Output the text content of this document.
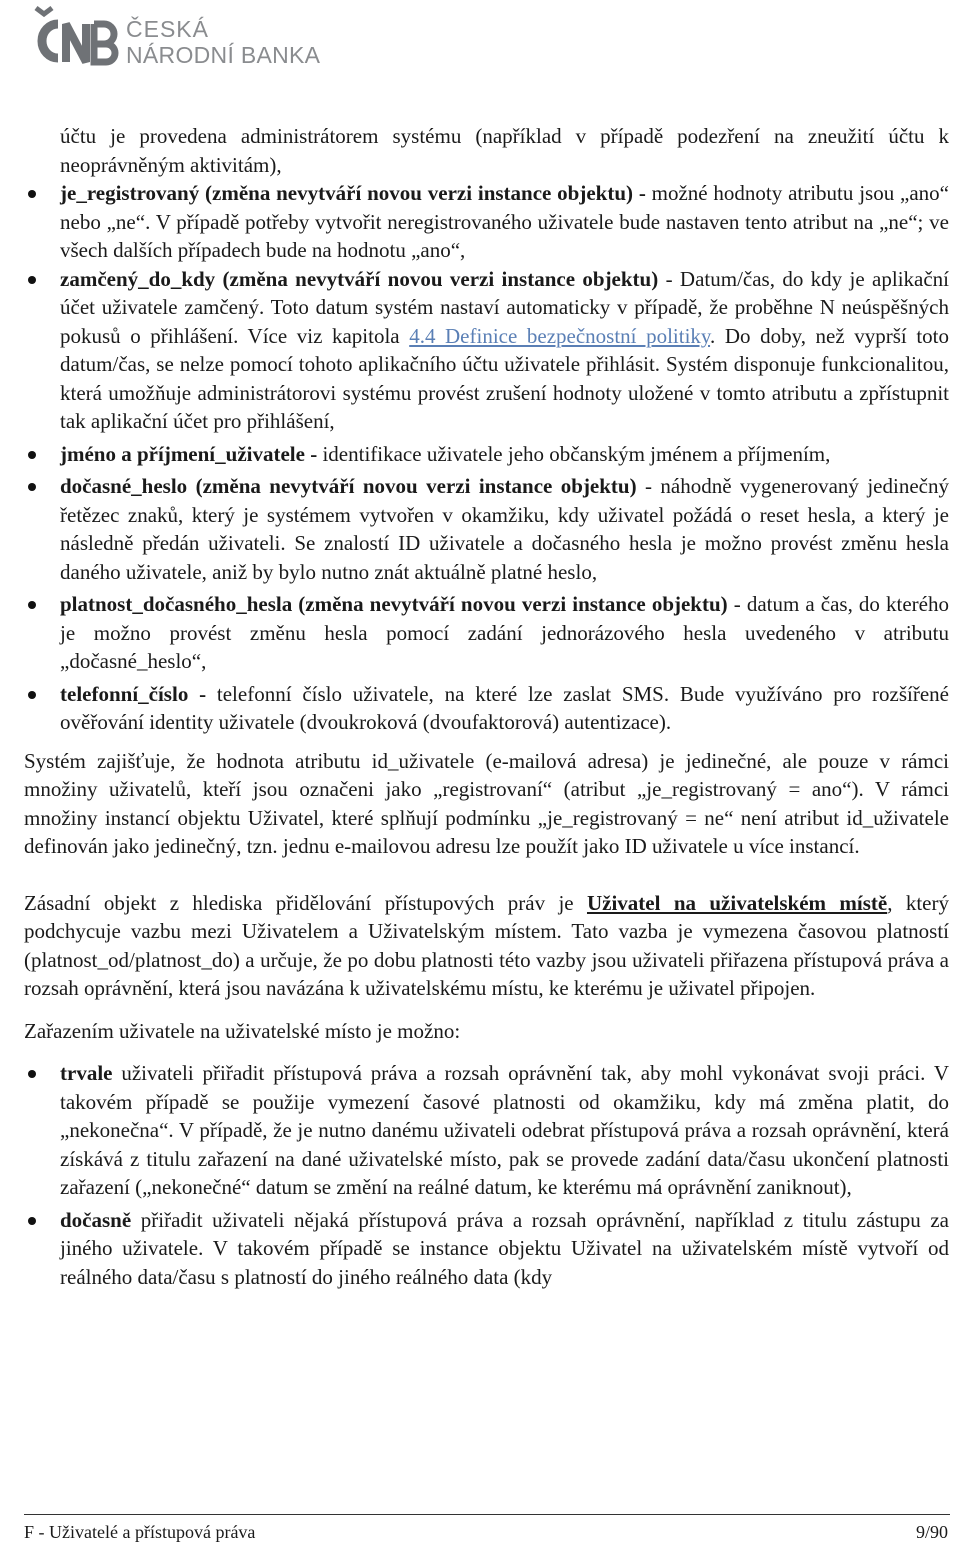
ČESKÁ
NÁRODNÍ BANKA
účtu je provedena administrátorem systému (například v případě podezření na zneužití účtu k neoprávněným aktivitám),
je_registrovaný (změna nevytváří novou verzi instance objektu) - možné hodnoty atributu jsou „ano“ nebo „ne“. V případě potřeby vytvořit neregistrovaného uživatele bude nastaven tento atribut na „ne“; ve všech dalších případech bude na hodnotu „ano“,
zamčený_do_kdy (změna nevytváří novou verzi instance objektu) - Datum/čas, do kdy je aplikační účet uživatele zamčený. Toto datum systém nastaví automaticky v případě, že proběhne N neúspěšných pokusů o přihlášení. Více viz kapitola 4.4 Definice bezpečnostní politiky. Do doby, než vyprší toto datum/čas, se nelze pomocí tohoto aplikačního účtu uživatele přihlásit. Systém disponuje funkcionalitou, která umožňuje administrátorovi systému provést zrušení hodnoty uložené v tomto atributu a zpřístupnit tak aplikační účet pro přihlášení,
jméno a příjmení_uživatele - identifikace uživatele jeho občanským jménem a příjmením,
dočasné_heslo (změna nevytváří novou verzi instance objektu) - náhodně vygenerovaný jedinečný řetězec znaků, který je systémem vytvořen v okamžiku, kdy uživatel požádá o reset hesla, a který je následně předán uživateli. Se znalostí ID uživatele a dočasného hesla je možno provést změnu hesla daného uživatele, aniž by bylo nutno znát aktuálně platné heslo,
platnost_dočasného_hesla (změna nevytváří novou verzi instance objektu) - datum a čas, do kterého je možno provést změnu hesla pomocí zadání jednorázového hesla uvedeného v atributu „dočasné_heslo“,
telefonní_číslo - telefonní číslo uživatele, na které lze zaslat SMS. Bude využíváno pro rozšířené ověřování identity uživatele (dvoukroková (dvoufaktorová) autentizace).

Systém zajišťuje, že hodnota atributu id_uživatele (e-mailová adresa) je jedinečné, ale pouze v rámci množiny uživatelů, kteří jsou označeni jako „registrovaní“ (atribut „je_registrovaný = ano“). V rámci množiny instancí objektu Uživatel, které splňují podmínku „je_registrovaný = ne“ není atribut id_uživatele definován jako jedinečný, tzn. jednu e-mailovou adresu lze použít jako ID uživatele u více instancí.

Zásadní objekt z hlediska přidělování přístupových práv je Uživatel na uživatelském místě, který podchycuje vazbu mezi Uživatelem a Uživatelským místem. Tato vazba je vymezena časovou platností (platnost_od/platnost_do) a určuje, že po dobu platnosti této vazby jsou uživateli přiřazena přístupová práva a rozsah oprávnění, která jsou navázána k uživatelskému místu, ke kterému je uživatel připojen.

Zařazením uživatele na uživatelské místo je možno:

trvale uživateli přiřadit přístupová práva a rozsah oprávnění tak, aby mohl vykonávat svoji práci. V takovém případě se použije vymezení časové platnosti od okamžiku, kdy má změna platit, do „nekonečna“. V případě, že je nutno danému uživateli odebrat přístupová práva a rozsah oprávnění, která získává z titulu zařazení na dané uživatelské místo, pak se provede zadání data/času ukončení platnosti zařazení („nekonečné“ datum se změní na reálné datum, ke kterému má oprávnění zaniknout),
dočasně přiřadit uživateli nějaká přístupová práva a rozsah oprávnění, například z titulu zástupu za jiného uživatele. V takovém případě se instance objektu Uživatel na uživatelském místě vytvoří od reálného data/času s platností do jiného reálného data (kdy
F - Uživatelé a přístupová práva	9/90
